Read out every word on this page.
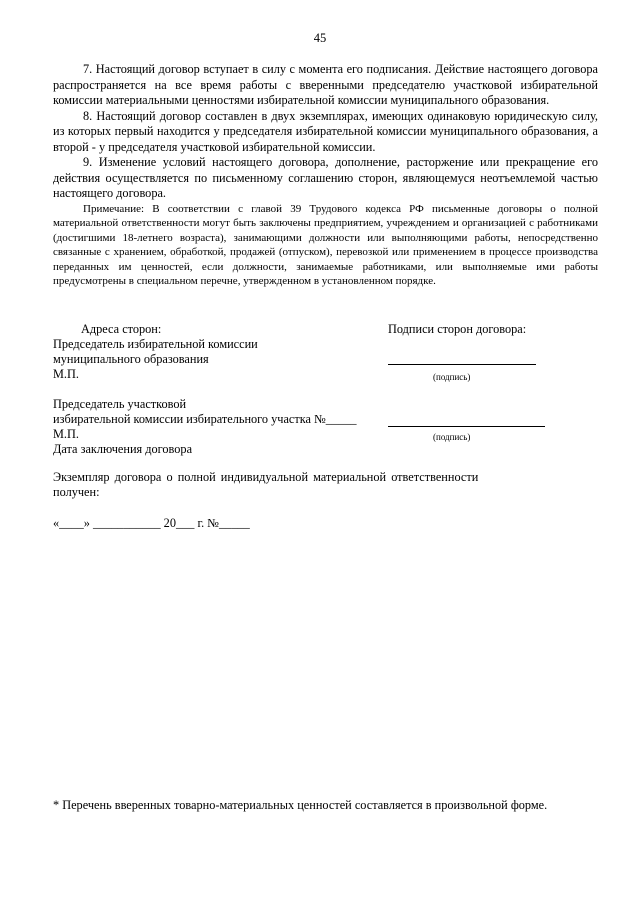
45

7. Настоящий договор вступает в силу с момента его подписания. Действие настоящего договора распространяется на все время работы с вверенными председателю участковой избирательной комиссии материальными ценностями избирательной комиссии муниципального образования.

8. Настоящий договор составлен в двух экземплярах, имеющих одинаковую юридическую силу, из которых первый находится у председателя избирательной комиссии муниципального образования, а второй - у председателя участковой избирательной комиссии.

9. Изменение условий настоящего договора, дополнение, расторжение или прекращение его действия осуществляется по письменному соглашению сторон, являющемуся неотъемлемой частью настоящего договора.

Примечание: В соответствии с главой 39 Трудового кодекса РФ письменные договоры о полной материальной ответственности могут быть заключены предприятием, учреждением и организацией с работниками (достигшими 18-летнего возраста), занимающими должности или выполняющими работы, непосредственно связанные с хранением, обработкой, продажей (отпуском), перевозкой или применением в процессе производства переданных им ценностей, если должности, занимаемые работниками, или выполняемые ими работы предусмотрены в специальном перечне, утвержденном в установленном порядке.

Адреса сторон:	Подписи сторон договора:
Председатель избирательной комиссии
муниципального образования
М.П.	(подпись)
Председатель участковой
избирательной комиссии избирательного участка №_____
М.П.	(подпись)
Дата заключения договора
Экземпляр договора о полной индивидуальной материальной ответственности
получен:
«____» ___________ 20___ г. №_____
* Перечень вверенных товарно-материальных ценностей составляется в произвольной форме.
